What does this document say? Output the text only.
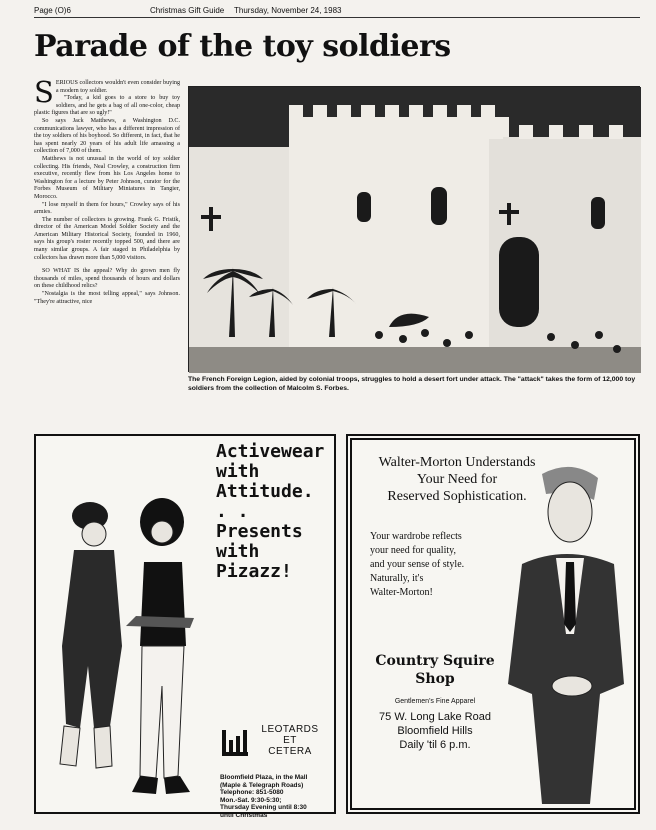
Page (O)6	Christmas Gift Guide Thursday, November 24, 1983
Parade of the toy soldiers

SERIOUS collectors wouldn't even consider buying a modern toy soldier.

"Today, a kid goes to a store to buy toy soldiers, and he gets a bag of all one-color, cheap plastic figures that are so ugly!"

So says Jack Matthews, a Washington D.C. communications lawyer, who has a different impression of the toy soldiers of his boyhood. So different, in fact, that he has spent nearly 20 years of his adult life amassing a collection of 7,000 of them.

Matthews is not unusual in the world of toy soldier collecting. His friends, Neal Crowley, a construction firm executive, recently flew from his Los Angeles home to Washington for a lecture by Peter Johnson, curator for the Forbes Museum of Military Miniatures in Tangier, Morocco.

"I lose myself in them for hours," Crowley says of his armies.

The number of collectors is growing. Frank G. Fristik, director of the American Model Soldier Society and the American Military Historical Society, founded in 1960, says his group's roster recently topped 500, and there are many similar groups. A fair staged in Philadelphia by collectors has drawn more than 5,000 visitors.

SO WHAT IS the appeal? Why do grown men fly thousands of miles, spend thousands of hours and dollars on these childhood relics?

"Nostalgia is the most telling appeal," says Johnson. "They're attractive, nice

The French Foreign Legion, aided by colonial troops, struggles to hold a desert fort under attack. The "attack" takes the form of 12,000 toy soldiers from the collection of Malcolm S. Forbes.
Activewear
with
Attitude. . .
Presents
with
Pizazz!
LEOTARDS
ET
CETERA
Bloomfield Plaza, in the Mall
(Maple & Telegraph Roads)
Telephone: 851-5080
Mon.-Sat. 9:30-5:30;
Thursday Evening until 8:30
until Christmas
Walter-Morton Understands
Your Need for
Reserved Sophistication.
Your wardrobe reflects
your need for quality,
and your sense of style.
Naturally, it's
Walter-Morton!
Country Squire
Shop
Gentlemen's Fine Apparel
75 W. Long Lake Road
Bloomfield Hills
Daily 'til 6 p.m.
